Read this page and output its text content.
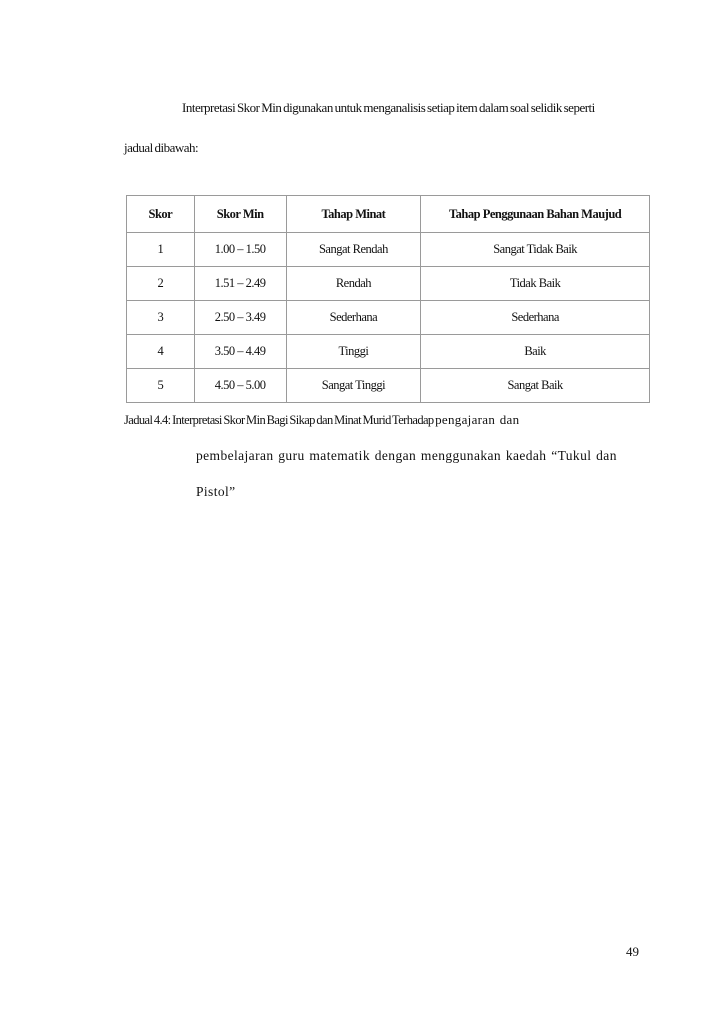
Interpretasi Skor Min digunakan untuk menganalisis setiap item dalam soal selidik seperti
jadual dibawah:
Skor	Skor Min	Tahap Minat	Tahap Penggunaan Bahan Maujud
1	1.00 – 1.50	Sangat Rendah	Sangat Tidak Baik
2	1.51 – 2.49	Rendah	Tidak Baik
3	2.50 – 3.49	Sederhana	Sederhana
4	3.50 – 4.49	Tinggi	Baik
5	4.50 – 5.00	Sangat Tinggi	Sangat Baik
Jadual 4.4: Interpretasi Skor Min Bagi Sikap dan Minat Murid Terhadap pengajaran dan
pembelajaran guru matematik dengan menggunakan kaedah “Tukul dan
Pistol”
49
